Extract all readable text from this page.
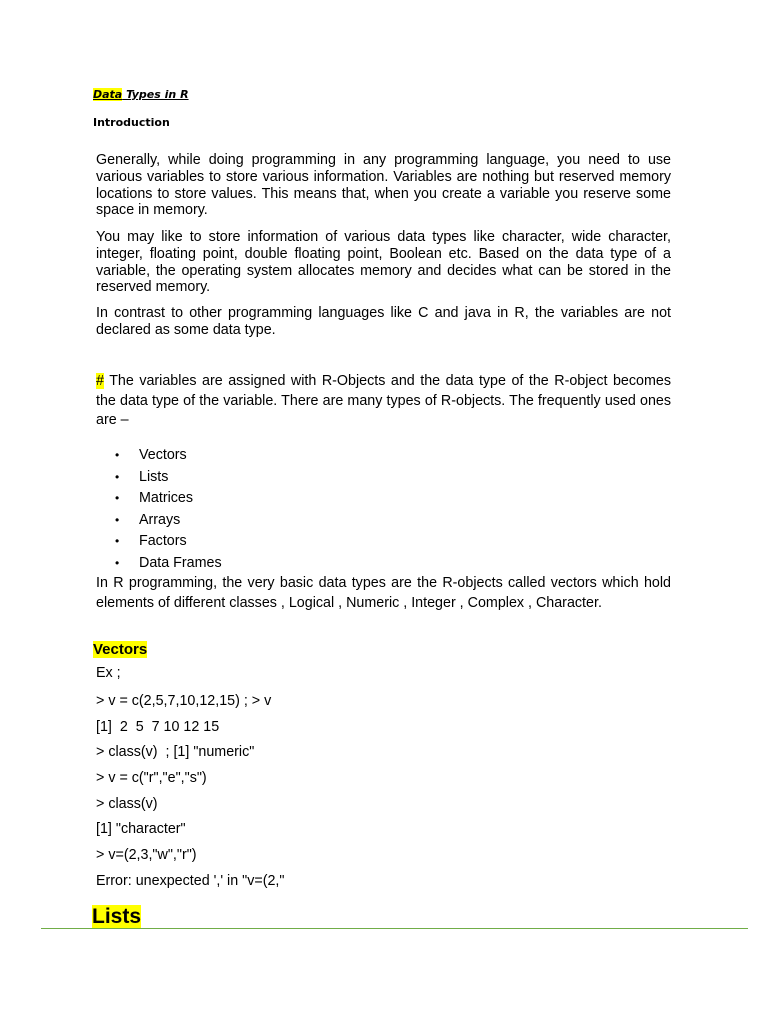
Data Types in R
Introduction

Generally, while doing programming in any programming language, you need to use various variables to store various information. Variables are nothing but reserved memory locations to store values. This means that, when you create a variable you reserve some space in memory.

You may like to store information of various data types like character, wide character, integer, floating point, double floating point, Boolean etc. Based on the data type of a variable, the operating system allocates memory and decides what can be stored in the reserved memory.

In contrast to other programming languages like C and java in R, the variables are not declared as some data type.

# The variables are assigned with R-Objects and the data type of the R-object becomes the data type of the variable. There are many types of R-objects. The frequently used ones are –

• Vectors
• Lists
• Matrices
• Arrays
• Factors
• Data Frames

In R programming, the very basic data types are the R-objects called vectors which hold elements of different classes , Logical , Numeric , Integer , Complex , Character.

Vectors
Ex ;
> v = c(2,5,7,10,12,15) ; > v
[1]  2  5  7 10 12 15
> class(v)  ; [1] "numeric"
> v = c("r","e","s")
> class(v)
[1] "character"
> v=(2,3,"w","r")
Error: unexpected ',' in "v=(2,"
Lists
